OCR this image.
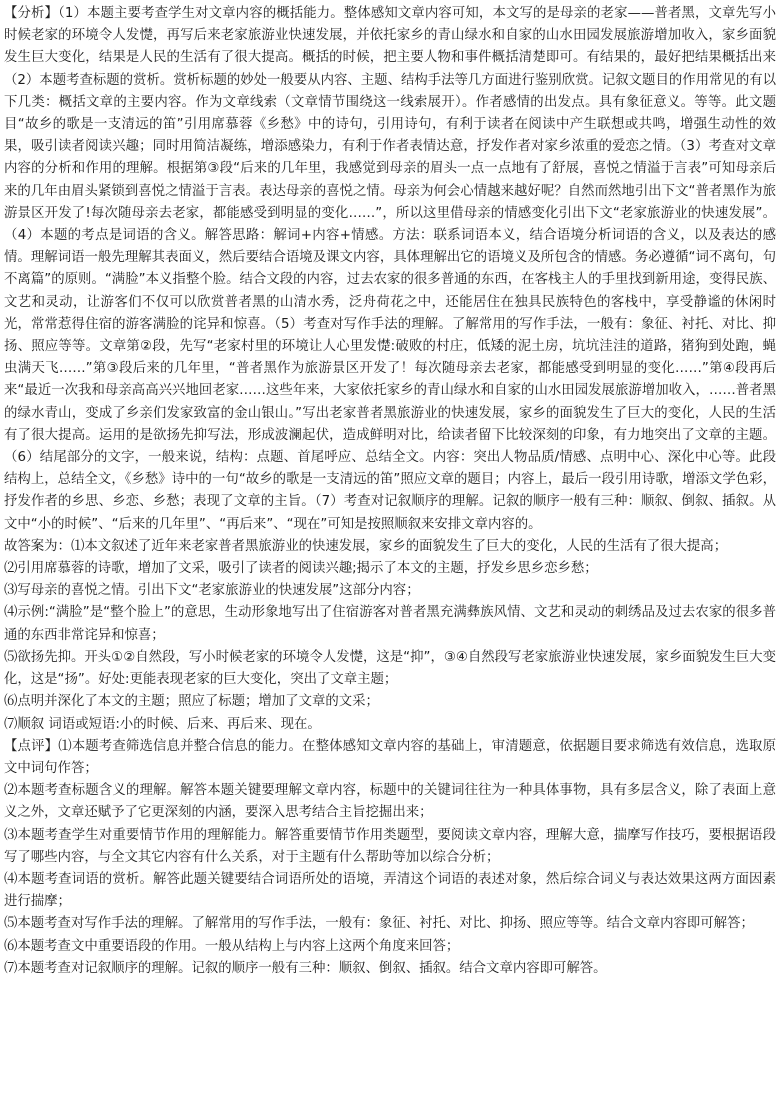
【分析】（1）本题主要考查学生对文章内容的概括能力。整体感知文章内容可知，本文写的是母亲的老家——普者黑，文章先写小时候老家的环境令人发憷，再写后来老家旅游业快速发展，并依托家乡的青山绿水和自家的山水田园发展旅游增加收入，家乡面貌发生巨大变化，结果是人民的生活有了很大提高。概括的时候，把主要人物和事件概括清楚即可。有结果的，最好把结果概括出来（2）本题考查标题的赏析。赏析标题的妙处一般要从内容、主题、结构手法等几方面进行鉴别欣赏。记叙文题目的作用常见的有以下几类：概括文章的主要内容。作为文章线索（文章情节围绕这一线索展开）。作者感情的出发点。具有象征意义。等等。此文题目“故乡的歌是一支清远的笛”引用席慕蓉《乡愁》中的诗句，引用诗句，有利于读者在阅读中产生联想或共鸣，增强生动性的效果，吸引读者阅读兴趣；同时用简洁凝练，增添感染力，有利于作者表情达意，抒发作者对家乡浓重的爱恋之情。（3）考查对文章内容的分析和作用的理解。根据第③段“后来的几年里，我感觉到母亲的眉头一点一点地有了舒展，喜悦之情溢于言表”可知母亲后来的几年由眉头紧锁到喜悦之情溢于言表。表达母亲的喜悦之情。母亲为何会心情越来越好呢？自然而然地引出下文“普者黑作为旅游景区开发了!每次随母亲去老家，都能感受到明显的变化……”，所以这里借母亲的情感变化引出下文“老家旅游业的快速发展”。（4）本题的考点是词语的含义。解答思路：解词+内容+情感。方法：联系词语本义，结合语境分析词语的含义，以及表达的感情。理解词语一般先理解其表面义，然后要结合语境及课文内容，具体理解出它的语境义及所包含的情感。务必遵循“词不离句，句不离篇”的原则。“满脸”本义指整个脸。结合文段的内容，过去农家的很多普通的东西，在客栈主人的手里找到新用途，变得民族、文艺和灵动，让游客们不仅可以欣赏普者黑的山清水秀，泛舟荷花之中，还能居住在独具民族特色的客栈中，享受静谧的休闲时光，常常惹得住宿的游客满脸的诧异和惊喜。（5）考查对写作手法的理解。了解常用的写作手法，一般有：象征、衬托、对比、抑扬、照应等等。文章第②段，先写“老家村里的环境让人心里发憷:破败的村庄，低矮的泥土房，坑坑洼洼的道路，猪狗到处跑，蝇虫满天飞……”第③段后来的几年里，“普者黑作为旅游景区开发了！每次随母亲去老家，都能感受到明显的变化……”第④段再后来“最近一次我和母亲高高兴兴地回老家……这些年来，大家依托家乡的青山绿水和自家的山水田园发展旅游增加收入，……普者黑的绿水青山，变成了乡亲们发家致富的金山银山。”写出老家普者黑旅游业的快速发展，家乡的面貌发生了巨大的变化，人民的生活有了很大提高。运用的是欲扬先抑写法，形成波澜起伏，造成鲜明对比，给读者留下比较深刻的印象，有力地突出了文章的主题。（6）结尾部分的文字，一般来说，结构：点题、首尾呼应、总结全文。内容：突出人物品质/情感、点明中心、深化中心等。此段结构上，总结全文，《乡愁》诗中的一句“故乡的歌是一支清远的笛”照应文章的题目；内容上，最后一段引用诗歌，增添文学色彩，抒发作者的乡思、乡恋、乡愁；表现了文章的主旨。（7）考查对记叙顺序的理解。记叙的顺序一般有三种：顺叙、倒叙、插叙。从文中“小的时候”、“后来的几年里”、“再后来”、“现在”可知是按照顺叙来安排文章内容的。

故答案为：⑴本文叙述了近年来老家普者黑旅游业的快速发展，家乡的面貌发生了巨大的变化，人民的生活有了很大提高；

⑵引用席慕蓉的诗歌，增加了文采，吸引了读者的阅读兴趣;揭示了本文的主题，抒发乡思乡恋乡愁；

⑶写母亲的喜悦之情。引出下文“老家旅游业的快速发展”这部分内容；

⑷示例:“满脸”是“整个脸上”的意思，生动形象地写出了住宿游客对普者黑充满彝族风情、文艺和灵动的刺绣品及过去农家的很多普通的东西非常诧异和惊喜；

⑸欲扬先抑。开头①②自然段，写小时候老家的环境令人发憷，这是“抑”，③④自然段写老家旅游业快速发展，家乡面貌发生巨大变化，这是“扬”。好处:更能表现老家的巨大变化，突出了文章主题；

⑹点明并深化了本文的主题；照应了标题；增加了文章的文采；

⑺顺叙 词语或短语:小的时候、后来、再后来、现在。

【点评】⑴本题考查筛选信息并整合信息的能力。在整体感知文章内容的基础上，审清题意，依据题目要求筛选有效信息，选取原文中词句作答；

⑵本题考查标题含义的理解。解答本题关键要理解文章内容，标题中的关键词往往为一种具体事物，具有多层含义，除了表面上意义之外，文章还赋予了它更深刻的内涵，要深入思考结合主旨挖掘出来；

⑶本题考查学生对重要情节作用的理解能力。解答重要情节作用类题型，要阅读文章内容，理解大意，揣摩写作技巧，要根据语段写了哪些内容，与全文其它内容有什么关系，对于主题有什么帮助等加以综合分析；

⑷本题考查词语的赏析。解答此题关键要结合词语所处的语境，弄清这个词语的表述对象，然后综合词义与表达效果这两方面因素进行揣摩；

⑸本题考查对写作手法的理解。了解常用的写作手法，一般有：象征、衬托、对比、抑扬、照应等等。结合文章内容即可解答；

⑹本题考查文中重要语段的作用。一般从结构上与内容上这两个角度来回答；

⑺本题考查对记叙顺序的理解。记叙的顺序一般有三种：顺叙、倒叙、插叙。结合文章内容即可解答。
